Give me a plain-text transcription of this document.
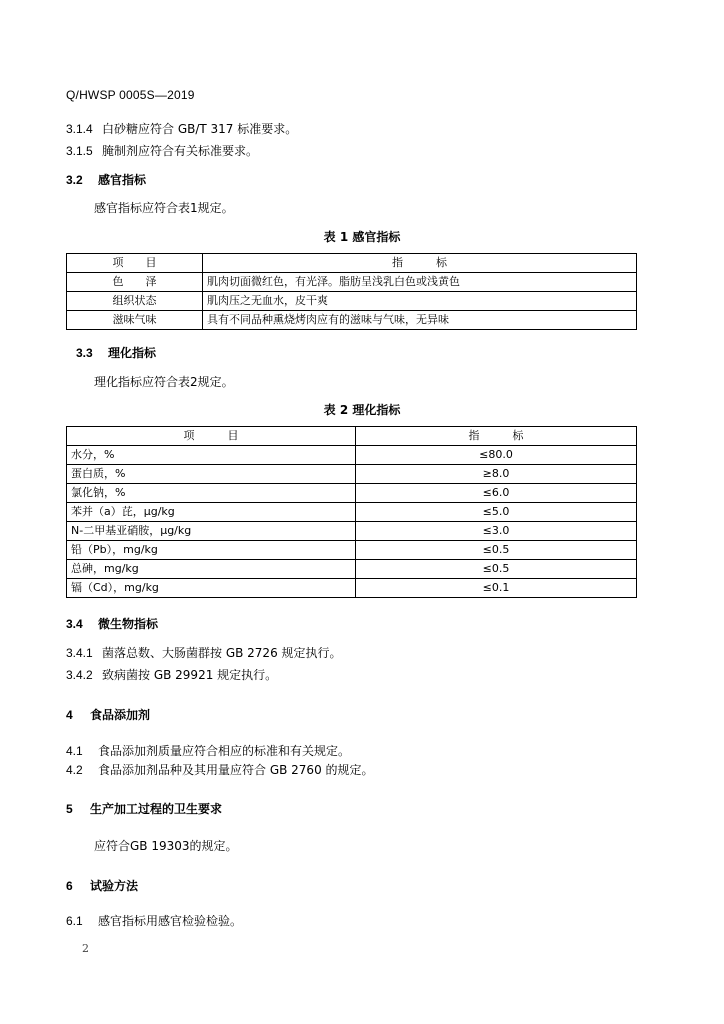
Q/HWSP 0005S—2019
3.1.4 白砂糖应符合 GB/T 317 标准要求。
3.1.5 腌制剂应符合有关标准要求。
3.2 感官指标
感官指标应符合表1规定。
表 1 感官指标
项　　目	指　　　标
色　　泽	肌肉切面微红色，有光泽。脂肪呈浅乳白色或浅黄色
组织状态	肌肉压之无血水，皮干爽
滋味气味	具有不同品种熏烧烤肉应有的滋味与气味，无异味
3.3 理化指标
理化指标应符合表2规定。
表 2 理化指标
项　　　目	指　　　标
水分，%	≤80.0
蛋白质，%	≥8.0
氯化钠，%	≤6.0
苯并（a）芘，μg/kg	≤5.0
N-二甲基亚硝胺，μg/kg	≤3.0
铅（Pb），mg/kg	≤0.5
总砷，mg/kg	≤0.5
镉（Cd），mg/kg	≤0.1
3.4 微生物指标
3.4.1 菌落总数、大肠菌群按 GB 2726 规定执行。
3.4.2 致病菌按 GB 29921 规定执行。
4 食品添加剂
4.1 食品添加剂质量应符合相应的标准和有关规定。
4.2 食品添加剂品种及其用量应符合 GB 2760 的规定。
5 生产加工过程的卫生要求
应符合GB 19303的规定。
6 试验方法
6.1 感官指标用感官检验检验。
2
